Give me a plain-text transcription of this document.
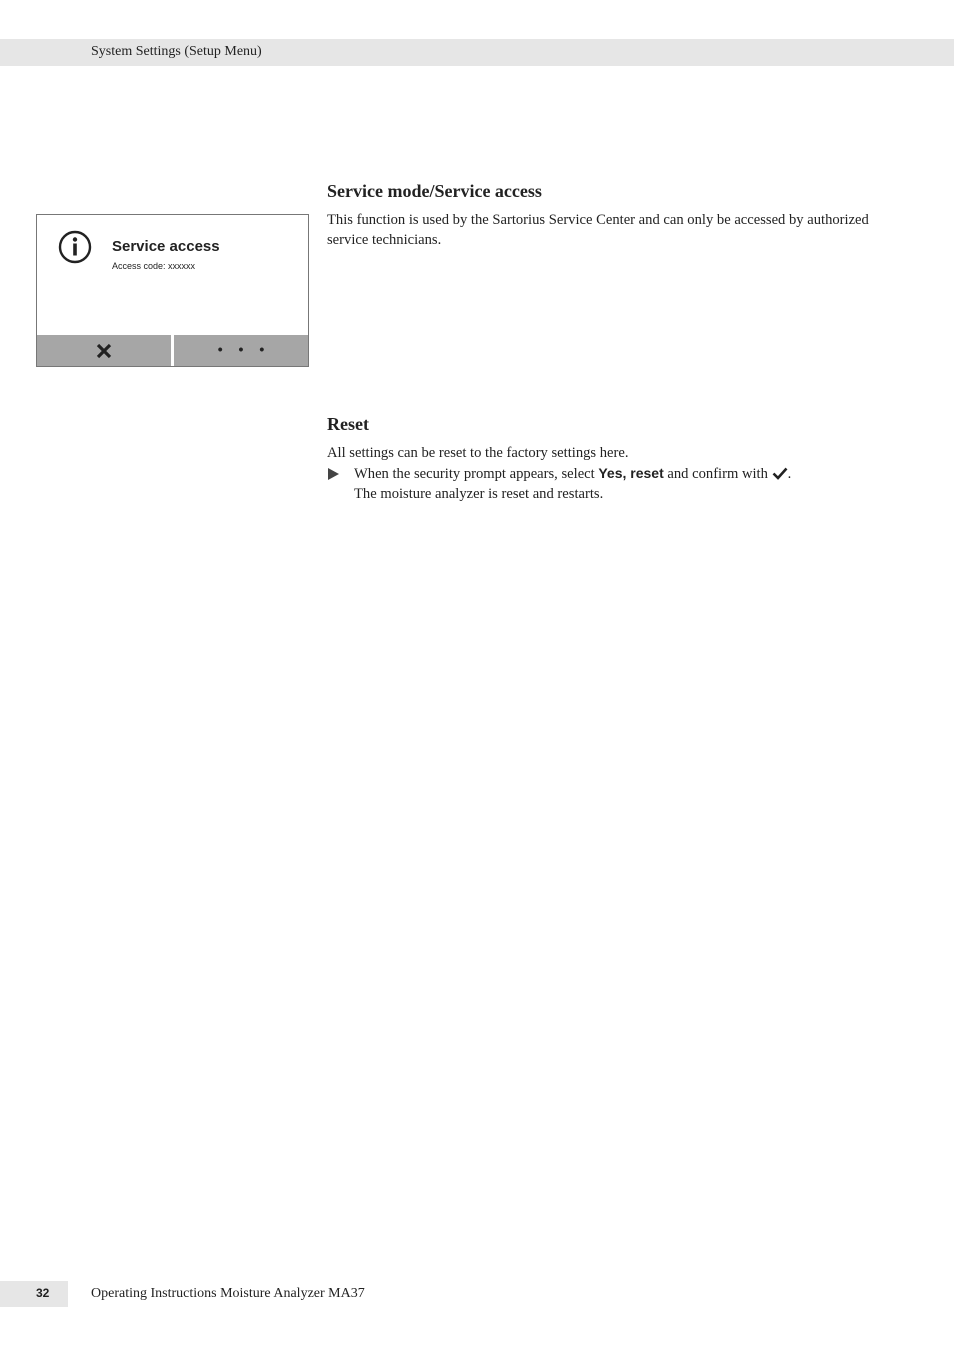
System Settings (Setup Menu)
Service access
Access code: xxxxxx
• • •
Service mode/Service access

This function is used by the Sartorius Service Center and can only be accessed by authorized service technicians.

Reset

All settings can be reset to the factory settings here.

When the security prompt appears, select Yes, reset and confirm with .
The moisture analyzer is reset and restarts.
32	Operating Instructions Moisture Analyzer MA37
